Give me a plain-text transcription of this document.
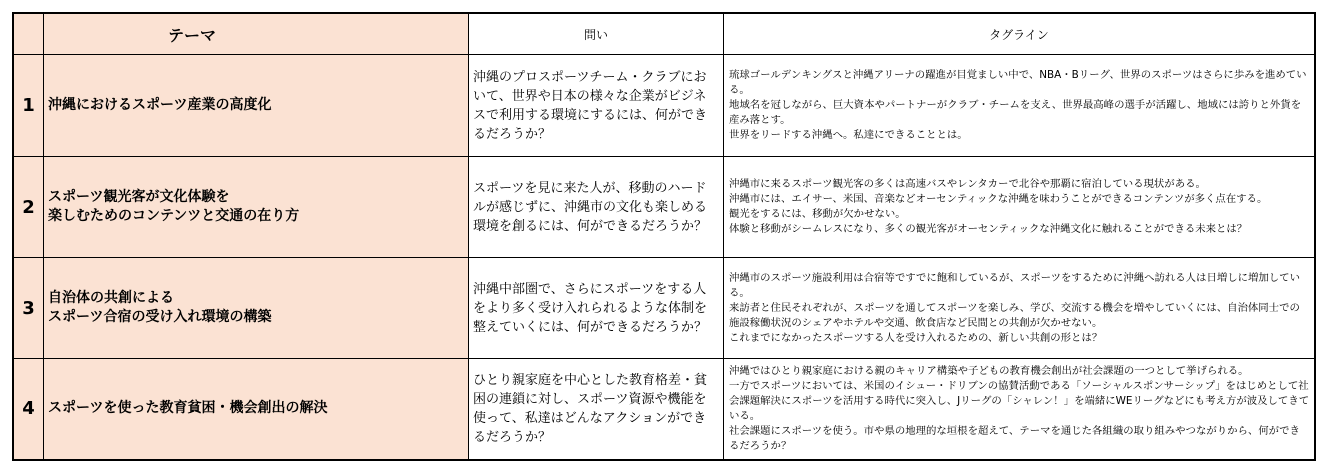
	テーマ	問い	タグライン
1	沖縄におけるスポーツ産業の高度化	沖縄のプロスポーツチーム・クラブにおいて、世界や日本の様々な企業がビジネスで利用する環境にするには、何ができるだろうか？	琉球ゴールデンキングスと沖縄アリーナの躍進が目覚ましい中で、NBA・Bリーグ、世界のスポーツはさらに歩みを進めている。
地域名を冠しながら、巨大資本やパートナーがクラブ・チームを支え、世界最高峰の選手が活躍し、地域には誇りと外貨を産み落とす。
世界をリードする沖縄へ。私達にできることとは。

2	スポーツ観光客が文化体験を
楽しむためのコンテンツと交通の在り方	スポーツを見に来た人が、移動のハードルが感じずに、沖縄市の文化も楽しめる環境を創るには、何ができるだろうか？	沖縄市に来るスポーツ観光客の多くは高速バスやレンタカーで北谷や那覇に宿泊している現状がある。
沖縄市には、エイサー、米国、音楽などオーセンティックな沖縄を味わうことができるコンテンツが多く点在する。
観光をするには、移動が欠かせない。
体験と移動がシームレスになり、多くの観光客がオーセンティックな沖縄文化に触れることができる未来とは？

3	自治体の共創による
スポーツ合宿の受け入れ環境の構築	沖縄中部圏で、さらにスポーツをする人をより多く受け入れられるような体制を整えていくには、何ができるだろうか？	沖縄市のスポーツ施設利用は合宿等ですでに飽和しているが、スポーツをするために沖縄へ訪れる人は日増しに増加している。
来訪者と住民それぞれが、スポーツを通してスポーツを楽しみ、学び、交流する機会を増やしていくには、自治体同士での施設稼働状況のシェアやホテルや交通、飲食店など民間との共創が欠かせない。
これまでになかったスポーツする人を受け入れるための、新しい共創の形とは？

4	スポーツを使った教育貧困・機会創出の解決	ひとり親家庭を中心とした教育格差・貧困の連鎖に対し、スポーツ資源や機能を使って、私達はどんなアクションができるだろうか？	沖縄ではひとり親家庭における親のキャリア構築や子どもの教育機会創出が社会課題の一つとして挙げられる。
一方でスポーツにおいては、米国のイシュー・ドリブンの協賛活動である「ソーシャルスポンサーシップ」をはじめとして社会課題解決にスポーツを活用する時代に突入し、Jリーグの「シャレン！」を端緒にWEリーグなどにも考え方が波及してきている。
社会課題にスポーツを使う。市や県の地理的な垣根を超えて、テーマを通じた各組織の取り組みやつながりから、何ができるだろうか？
